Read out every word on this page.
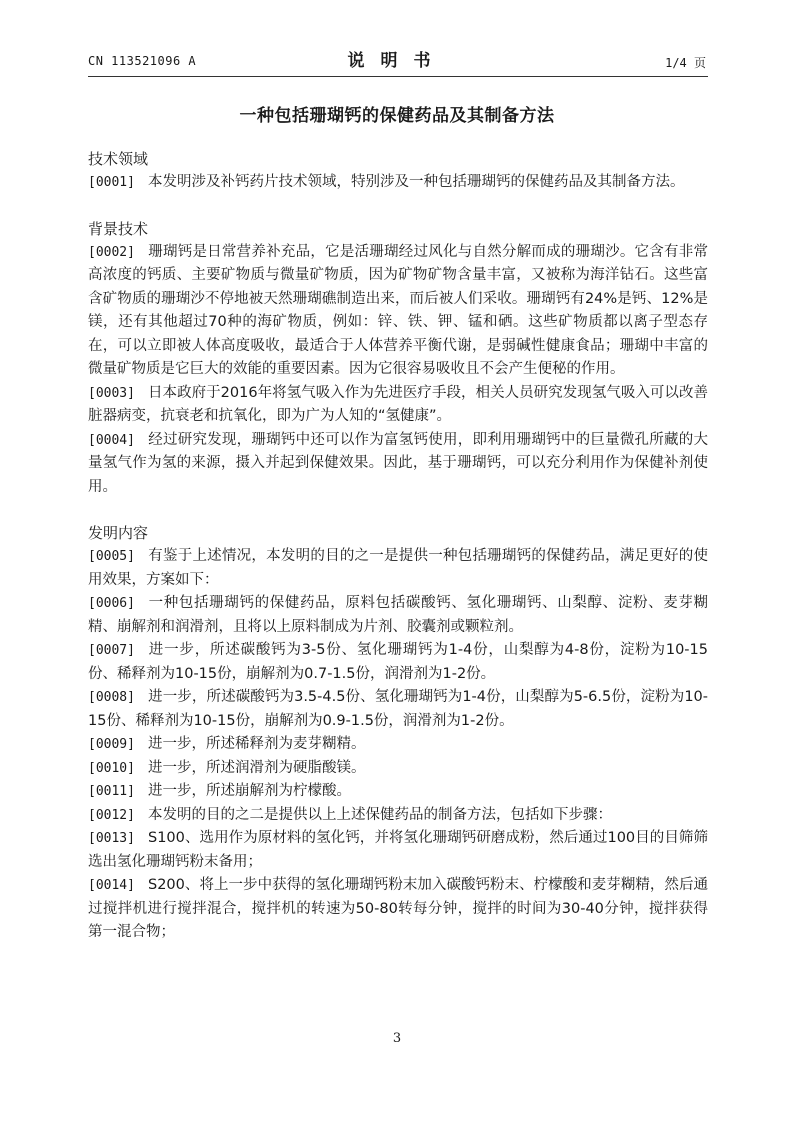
CN 113521096 A	说明书	1/4 页
一种包括珊瑚钙的保健药品及其制备方法
技术领域
[0001] 本发明涉及补钙药片技术领域，特别涉及一种包括珊瑚钙的保健药品及其制备方法。
背景技术
[0002] 珊瑚钙是日常营养补充品，它是活珊瑚经过风化与自然分解而成的珊瑚沙。它含有非常高浓度的钙质、主要矿物质与微量矿物质，因为矿物矿物含量丰富，又被称为海洋钻石。这些富含矿物质的珊瑚沙不停地被天然珊瑚礁制造出来，而后被人们采收。珊瑚钙有24%是钙、12%是镁，还有其他超过70种的海矿物质，例如：锌、铁、钾、锰和硒。这些矿物质都以离子型态存在，可以立即被人体高度吸收，最适合于人体营养平衡代谢，是弱碱性健康食品；珊瑚中丰富的微量矿物质是它巨大的效能的重要因素。因为它很容易吸收且不会产生便秘的作用。
[0003] 日本政府于2016年将氢气吸入作为先进医疗手段，相关人员研究发现氢气吸入可以改善脏器病变，抗衰老和抗氧化，即为广为人知的“氢健康”。
[0004] 经过研究发现，珊瑚钙中还可以作为富氢钙使用，即利用珊瑚钙中的巨量微孔所藏的大量氢气作为氢的来源，摄入并起到保健效果。因此，基于珊瑚钙，可以充分利用作为保健补剂使用。
发明内容
[0005] 有鉴于上述情况，本发明的目的之一是提供一种包括珊瑚钙的保健药品，满足更好的使用效果，方案如下：
[0006] 一种包括珊瑚钙的保健药品，原料包括碳酸钙、氢化珊瑚钙、山梨醇、淀粉、麦芽糊精、崩解剂和润滑剂，且将以上原料制成为片剂、胶囊剂或颗粒剂。
[0007] 进一步，所述碳酸钙为3-5份、氢化珊瑚钙为1-4份，山梨醇为4-8份，淀粉为10-15份、稀释剂为10-15份，崩解剂为0.7-1.5份，润滑剂为1-2份。
[0008] 进一步，所述碳酸钙为3.5-4.5份、氢化珊瑚钙为1-4份，山梨醇为5-6.5份，淀粉为10-15份、稀释剂为10-15份，崩解剂为0.9-1.5份，润滑剂为1-2份。
[0009] 进一步，所述稀释剂为麦芽糊精。
[0010] 进一步，所述润滑剂为硬脂酸镁。
[0011] 进一步，所述崩解剂为柠檬酸。
[0012] 本发明的目的之二是提供以上上述保健药品的制备方法，包括如下步骤：
[0013] S100、选用作为原材料的氢化钙，并将氢化珊瑚钙研磨成粉，然后通过100目的目筛筛选出氢化珊瑚钙粉末备用；
[0014] S200、将上一步中获得的氢化珊瑚钙粉末加入碳酸钙粉末、柠檬酸和麦芽糊精，然后通过搅拌机进行搅拌混合，搅拌机的转速为50-80转每分钟，搅拌的时间为30-40分钟，搅拌获得第一混合物；
3
